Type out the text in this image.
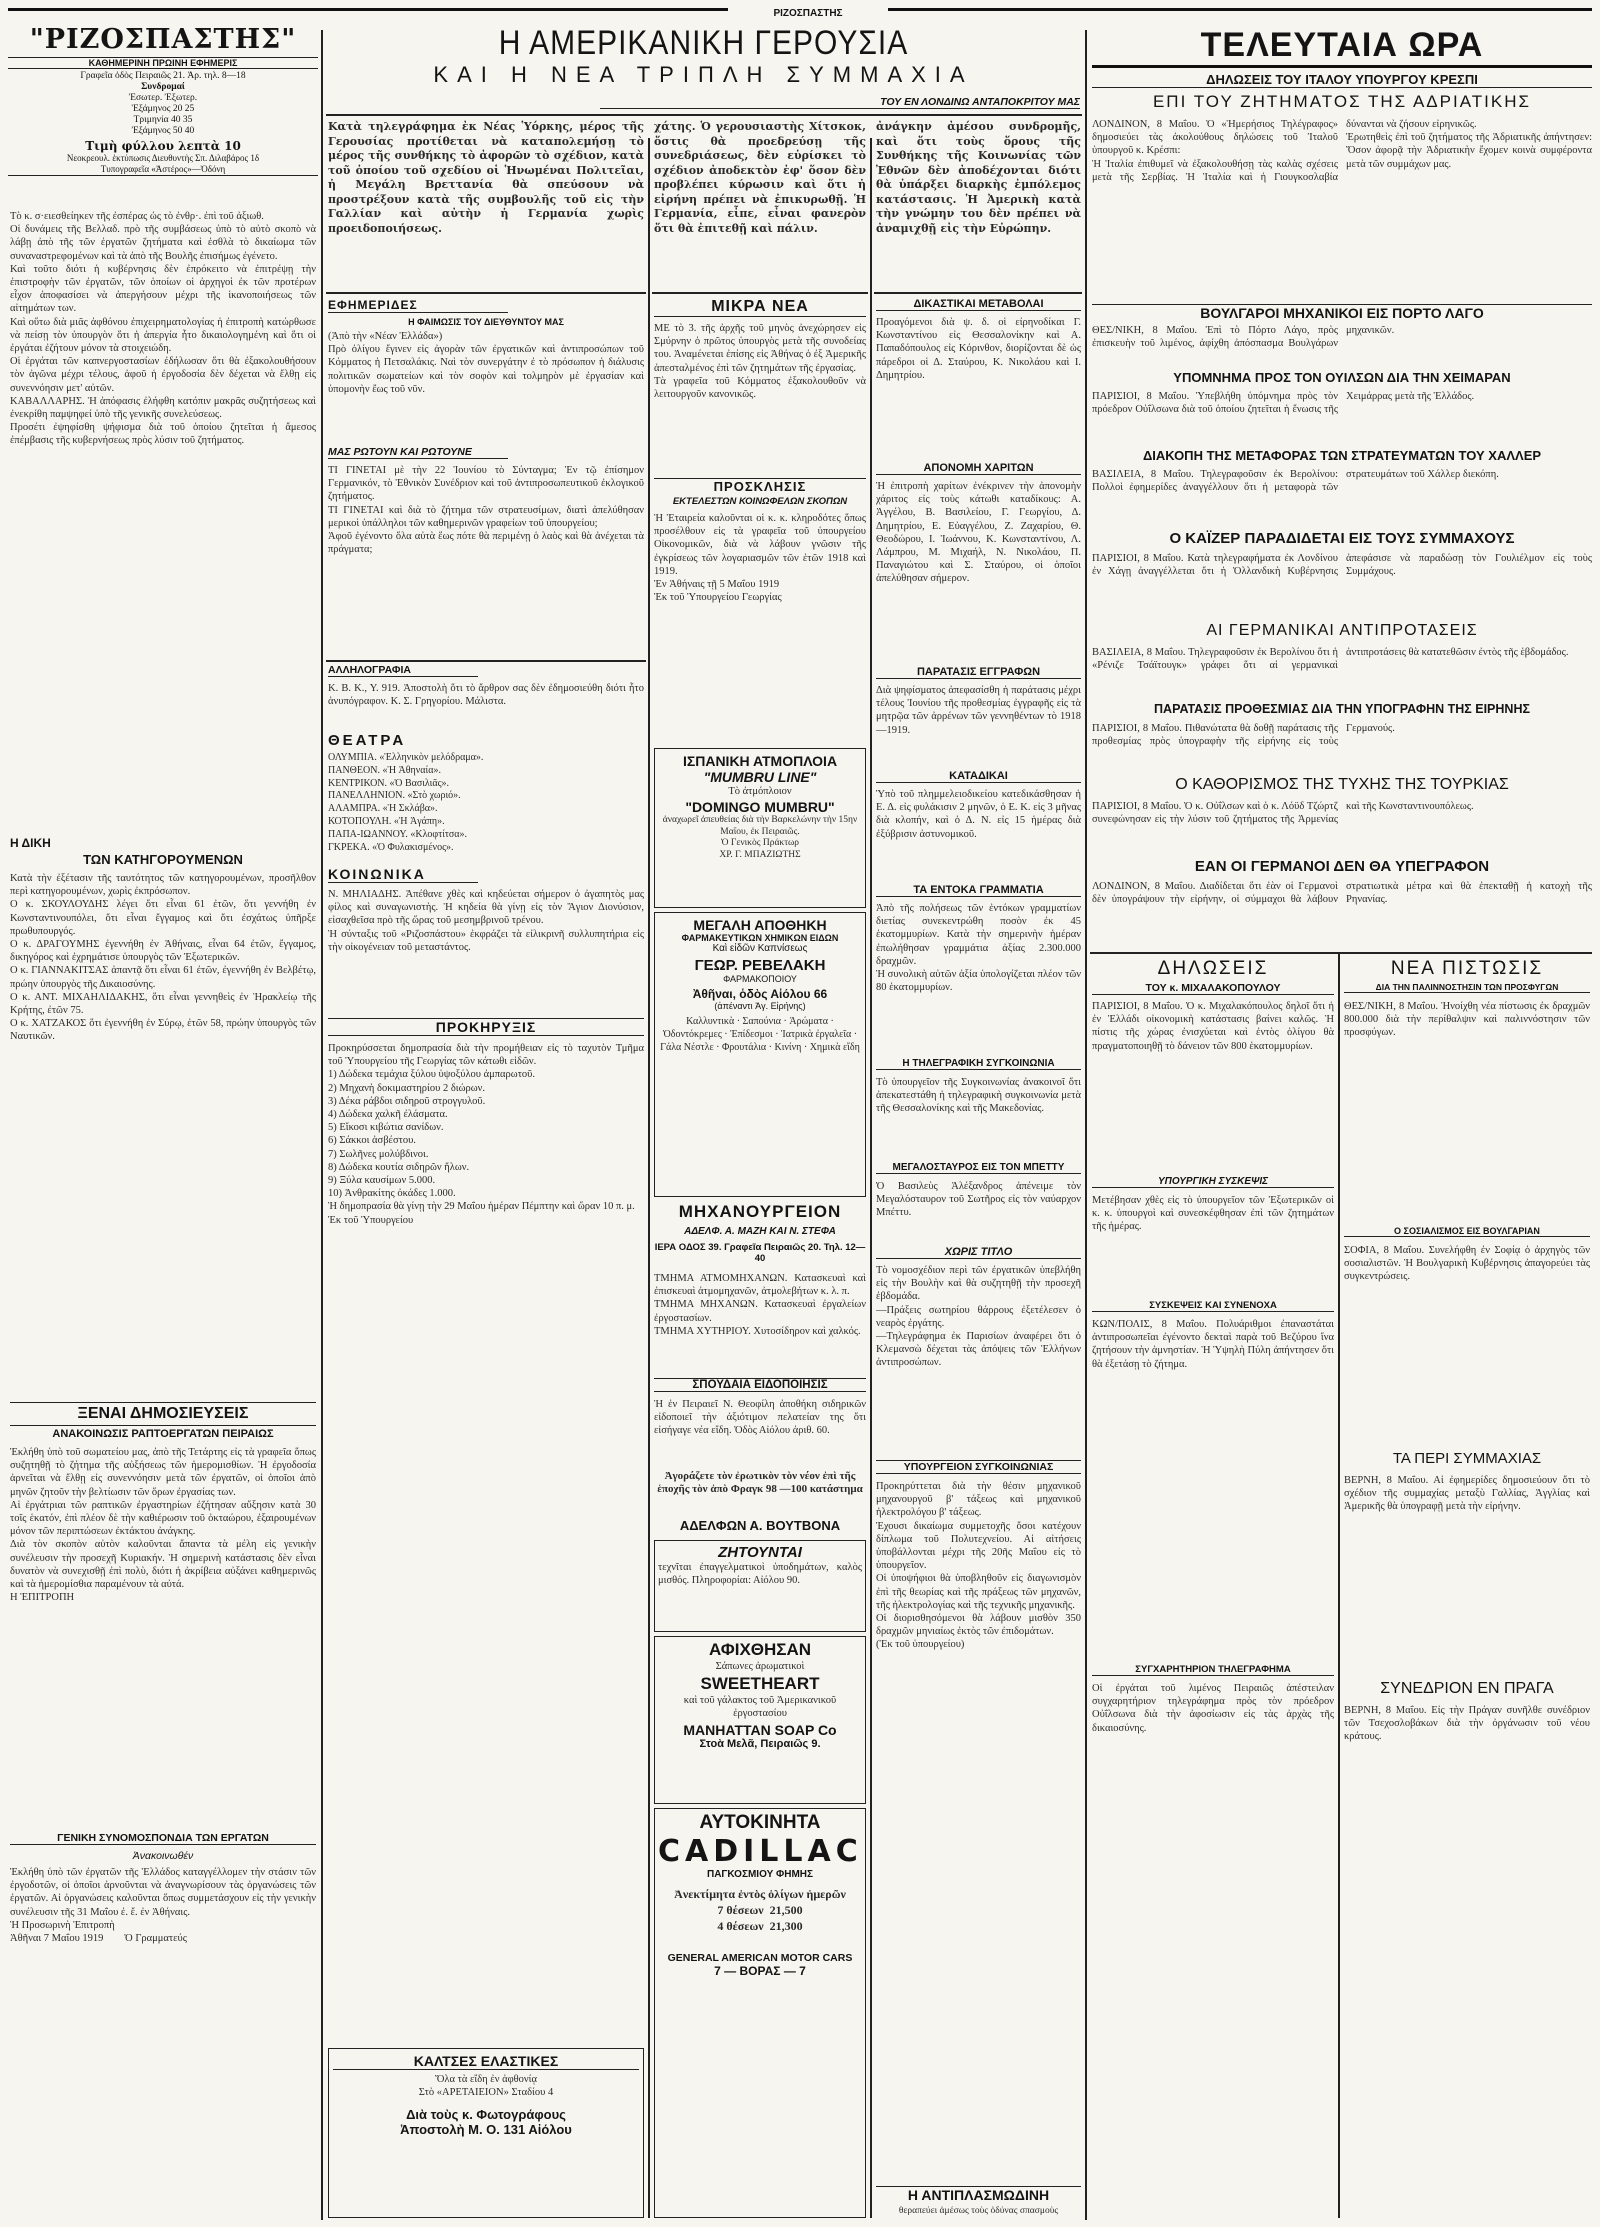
ΡΙΖΟΣΠΑΣΤΗΣ
"ΡΙΖΟΣΠΑΣΤΗΣ"
ΚΑΘΗΜΕΡΙΝΗ ΠΡΩΙΝΗ ΕΦΗΜΕΡΙΣ
Γραφεῖα ὁδὸς Πειραιῶς 21. Ἀρ. τηλ. 8—18
Συνδρομαί
Ἐσωτερ. Ἐξωτερ.
Ἑξάμηνος 20 25
Τριμηνία 40 35
Ἐξάμηνος 50 40
Τιμὴ φύλλου λεπτὰ 10
Νεοκρεουλ. ἐκτύπωσις Διευθυντὴς Σπ. Διλαβάρος 1δ
Τυπογραφεῖα «Ἀστέρος»—Ὀδόνη
Τὸ κ. σ·ειεσθείηκεν τῆς ἐσπέρας ὡς τὸ ἐνθρ·. ἐπὶ τοῦ ἀξιωθ.
Οἱ δυνάμεις τῆς Βελλαδ. πρὸ τῆς συμβάσεως ὑπὸ τὸ αὐτὸ σκοπὸ νὰ λάβῃ ἀπὸ τῆς τῶν ἐργατῶν ζητήματα καὶ ἐσθλὰ τὸ δικαίωμα τῶν συναναστρεφομένων καὶ τὰ ἀπὸ τῆς Βουλῆς ἐπισήμως ἐγένετο.
Καὶ τοῦτο διότι ἡ κυβέρνησις δὲν ἐπρόκειτο νὰ ἐπιτρέψῃ τὴν ἐπιστροφὴν τῶν ἐργατῶν, τῶν ὁποίων οἱ ἀρχηγοὶ ἐκ τῶν προτέρων εἶχον ἀποφασίσει νὰ ἀπεργήσουν μέχρι τῆς ἱκανοποιήσεως τῶν αἰτημάτων των.
Καὶ οὕτω διὰ μιᾶς ἀφθόνου ἐπιχειρηματολογίας ἡ ἐπιτροπὴ κατώρθωσε νὰ πείσῃ τὸν ὑπουργὸν ὅτι ἡ ἀπεργία ἦτο δικαιολογημένη καὶ ὅτι οἱ ἐργάται ἐζήτουν μόνον τὰ στοιχειώδη.
Οἱ ἐργάται τῶν καπνεργοστασίων ἐδήλωσαν ὅτι θὰ ἐξακολουθήσουν τὸν ἀγῶνα μέχρι τέλους, ἀφοῦ ἡ ἐργοδοσία δὲν δέχεται νὰ ἔλθῃ εἰς συνεννόησιν μετ' αὐτῶν.
ΚΑΒΑΛΛΑΡΗΣ. Ἡ ἀπόφασις ἐλήφθη κατόπιν μακρᾶς συζητήσεως καὶ ἐνεκρίθη παμψηφεί ὑπὸ τῆς γενικῆς συνελεύσεως.
Προσέτι ἐψηφίσθη ψήφισμα διὰ τοῦ ὁποίου ζητεῖται ἡ ἄμεσος ἐπέμβασις τῆς κυβερνήσεως πρὸς λύσιν τοῦ ζητήματος.
Η ΔΙΚΗ
ΤΩΝ ΚΑΤΗΓΟΡΟΥΜΕΝΩΝ
Κατὰ τὴν ἐξέτασιν τῆς ταυτότητος τῶν κατηγορουμένων, προσῆλθον περὶ κατηγορουμένων, χωρὶς ἐκπρόσωπον.
Ο κ. ΣΚΟΥΛΟΥΔΗΣ λέγει ὅτι εἶναι 61 ἐτῶν, ὅτι γεννήθη ἐν Κωνσταντινουπόλει, ὅτι εἶναι ἔγγαμος καὶ ὅτι ἐσχάτως ὑπῆρξε πρωθυπουργός.
Ο κ. ΔΡΑΓΟΥΜΗΣ ἐγεννήθη ἐν Ἀθήναις, εἶναι 64 ἐτῶν, ἔγγαμος, δικηγόρος καὶ ἐχρημάτισε ὑπουργὸς τῶν Ἐξωτερικῶν.
Ο κ. ΓΙΑΝΝΑΚΙΤΣΑΣ ἀπαντᾷ ὅτι εἶναι 61 ἐτῶν, ἐγεννήθη ἐν Βελβέτῳ, πρώην ὑπουργὸς τῆς Δικαιοσύνης.
Ο κ. ΑΝΤ. ΜΙΧΑΗΛΙΔΑΚΗΣ, ὅτι εἶναι γεννηθεὶς ἐν Ἡρακλείῳ τῆς Κρήτης, ἐτῶν 75.
Ο κ. ΧΑΤΖΑΚΟΣ ὅτι ἐγεννήθη ἐν Σύρῳ, ἐτῶν 58, πρώην ὑπουργὸς τῶν Ναυτικῶν.
ΞΕΝΑΙ ΔΗΜΟΣΙΕΥΣΕΙΣ
ΑΝΑΚΟΙΝΩΣΙΣ ΡΑΠΤΟΕΡΓΑΤΩΝ ΠΕΙΡΑΙΩΣ
Ἐκλήθη ὑπὸ τοῦ σωματείου μας, ἀπὸ τῆς Τετάρτης εἰς τὰ γραφεῖα ὅπως συζητηθῇ τὸ ζήτημα τῆς αὐξήσεως τῶν ἡμερομισθίων. Ἡ ἐργοδοσία ἀρνεῖται νὰ ἔλθῃ εἰς συνεννόησιν μετὰ τῶν ἐργατῶν, οἱ ὁποῖοι ἀπὸ μηνῶν ζητοῦν τὴν βελτίωσιν τῶν ὅρων ἐργασίας των.
Αἱ ἐργάτριαι τῶν ραπτικῶν ἐργαστηρίων ἐζήτησαν αὔξησιν κατὰ 30 τοῖς ἑκατόν, ἐπὶ πλέον δὲ τὴν καθιέρωσιν τοῦ ὀκταώρου, ἐξαιρουμένων μόνον τῶν περιπτώσεων ἐκτάκτου ἀνάγκης.
Διὰ τὸν σκοπὸν αὐτὸν καλοῦνται ἅπαντα τὰ μέλη εἰς γενικὴν συνέλευσιν τὴν προσεχῆ Κυριακήν. Ἡ σημερινὴ κατάστασις δὲν εἶναι δυνατὸν νὰ συνεχισθῇ ἐπὶ πολὺ, διότι ἡ ἀκρίβεια αὐξάνει καθημερινῶς καὶ τὰ ἡμερομίσθια παραμένουν τὰ αὐτά.
Η ἘΠΙΤΡΟΠΗ
ΓΕΝΙΚΗ ΣΥΝΟΜΟΣΠΟΝΔΙΑ ΤΩΝ ΕΡΓΑΤΩΝ
Ἀνακοινωθέν
Ἐκλήθη ὑπὸ τῶν ἐργατῶν τῆς Ἑλλάδος καταγγέλλομεν τὴν στάσιν τῶν ἐργοδοτῶν, οἱ ὁποῖοι ἀρνοῦνται νὰ ἀναγνωρίσουν τὰς ὀργανώσεις τῶν ἐργατῶν. Αἱ ὀργανώσεις καλοῦνται ὅπως συμμετάσχουν εἰς τὴν γενικὴν συνέλευσιν τῆς 31 Μαΐου ἐ. ἔ. ἐν Ἀθήναις.
Ἡ Προσωρινὴ Ἐπιτροπὴ
Ἀθῆναι 7 Μαΐου 1919        Ὁ Γραμματεύς
Η ΑΜΕΡΙΚΑΝΙΚΗ ΓΕΡΟΥΣΙΑ
ΚΑΙ Η ΝΕΑ ΤΡΙΠΛΗ ΣΥΜΜΑΧΙΑ
ΤΟΥ ΕΝ ΛΟΝΔΙΝΩ ΑΝΤΑΠΟΚΡΙΤΟΥ ΜΑΣ
Κατὰ τηλεγράφημα ἐκ Νέας Ὑόρκης, μέρος τῆς Γερουσίας προτίθεται νὰ καταπολεμήσῃ τὸ μέρος τῆς συνθήκης τὸ ἀφορῶν τὸ σχέδιον, κατὰ τοῦ ὁποίου τοῦ σχεδίου οἱ Ἡνωμέναι Πολιτεῖαι, ἡ Μεγάλη Βρεττανία θὰ σπεύσουν νὰ προστρέξουν κατὰ τῆς συμβουλῆς τοῦ εἰς τὴν Γαλλίαν καὶ αὐτὴν ἡ Γερμανία χωρὶς προειδοποιήσεως.
ΕΦΗΜΕΡΙΔΕΣ
Η ΦΑΙΜΩΣΙΣ ΤΟΥ ΔΙΕΥΘΥΝΤΟΥ ΜΑΣ
(Ἀπὸ τὴν «Νέαν Ἑλλάδα»)
Πρὸ ὀλίγου ἔγινεν εἰς ἀγορὰν τῶν ἐργατικῶν καὶ ἀντιπροσώπων τοῦ Κόμματος ἡ Πετσαλάκις. Ναὶ τὸν συνεργάτην ἐ τὸ πρόσωπον ἡ διάλυσις πολιτικῶν σωματείων καὶ τὸν σοφὸν καὶ τολμηρὸν μὲ ἐργασίαν καὶ ὑπομονὴν ἔως τοῦ νῦν.
ΜΑΣ ΡΩΤΟΥΝ ΚΑΙ ΡΩΤΟΥΝΕ
ΤΙ ΓΙΝΕΤΑΙ μὲ τὴν 22 Ἰουνίου τὸ Σύνταγμα; Ἐν τῷ ἐπίσημον Γερμανικόν, τὸ Ἐθνικὸν Συνέδριον καὶ τοῦ ἀντιπροσωπευτικοῦ ἐκλογικοῦ ζητήματος.
ΤΙ ΓΙΝΕΤΑΙ καὶ διὰ τὸ ζήτημα τῶν στρατευσίμων, διατὶ ἀπελύθησαν μερικοὶ ὑπάλληλοι τῶν καθημερινῶν γραφείων τοῦ ὑπουργείου;
Ἀφοῦ ἐγένοντο ὅλα αὐτὰ ἕως πότε θὰ περιμένῃ ὁ λαὸς καὶ θὰ ἀνέχεται τὰ πράγματα;
ΑΛΛΗΛΟΓΡΑΦΙΑ
Κ. Β. Κ., Υ. 919. Ἀποστολὴ ὅτι τὸ ἄρθρον σας δὲν ἐδημοσιεύθη διότι ἦτο ἀνυπόγραφον. Κ. Σ. Γρηγορίου. Μάλιστα.
ΘΕΑΤΡΑ
ΟΛΥΜΠΙΑ. «Ἑλληνικὸν μελόδραμα».
ΠΑΝΘΕΟΝ. «Ἡ Ἀθηναία».
ΚΕΝΤΡΙΚΟΝ. «Ὁ Βασιλιᾶς».
ΠΑΝΕΛΛΗΝΙΟΝ. «Στὸ χωριό».
ΑΛΑΜΠΡΑ. «Ἡ Σκλάβα».
ΚΟΤΟΠΟΥΛΗ. «Ἡ Ἀγάπη».
ΠΑΠΑ-ΙΩΑΝΝΟΥ. «Κλοφτίτσα».
ΓΚΡΕΚΑ. «Ὁ Φυλακισμένος».
ΚΟΙΝΩΝΙΚΑ
Ν. ΜΗΛΙΑΔΗΣ. Ἀπέθανε χθὲς καὶ κηδεύεται σήμερον ὁ ἀγαπητὸς μας φίλος καὶ συναγωνιστὴς. Ἡ κηδεία θὰ γίνῃ εἰς τὸν Ἅγιον Διονύσιον, εἰσαχθεῖσα πρὸ τῆς ὥρας τοῦ μεσημβρινοῦ τρένου.
Ἡ σύνταξις τοῦ «Ριζοσπάστου» ἐκφράζει τὰ εἰλικρινῆ συλλυπητήρια εἰς τὴν οἰκογένειαν τοῦ μεταστάντος.
ΠΡΟΚΗΡΥΞΙΣ
Προκηρύσσεται δημοπρασία διὰ τὴν προμήθειαν εἰς τὸ ταχυτὸν Τμῆμα τοῦ Ὑπουργείου τῆς Γεωργίας τῶν κάτωθι εἰδῶν.
1) Δώδεκα τεμάχια ξύλου ὑψοξύλου ἀμπαρωτοῦ.
2) Μηχανὴ δοκιμαστηρίου 2 διώρων.
3) Δέκα ράβδοι σιδηροῦ στρογγυλοῦ.
4) Δώδεκα χαλκῆ ἐλάσματα.
5) Εἴκοσι κιβώτια σανίδων.
6) Σάκκοι ἀσβέστου.
7) Σωλῆνες μολύβδινοι.
8) Δώδεκα κουτία σιδηρῶν ἥλων.
9) Ξύλα καυσίμων 5.000.
10) Ἀνθρακίτης ὀκάδες 1.000.
Ἡ δημοπρασία θὰ γίνῃ τὴν 29 Μαΐου ἡμέραν Πέμπτην καὶ ὥραν 10 π. μ.
Ἐκ τοῦ Ὑπουργείου
ΚΑΛΤΣΕΣ ΕΛΑΣΤΙΚΕΣ
Ὅλα τὰ εἴδη ἐν ἀφθονίᾳ
Στὸ «ΑΡΕΤΑΙΕΙΟΝ» Σταδίου 4
Διὰ τοὺς κ. Φωτογράφους
Ἀποστολὴ Μ. Ο. 131 Αἰόλου
χάτης. Ὁ γερουσιαστὴς Χίτσκοκ, ὅστις θὰ προεδρεύσῃ τῆς συνεδριάσεως, δὲν εὑρίσκει τὸ σχέδιον ἀποδεκτὸν ἐφ' ὅσον δὲν προβλέπει κύρωσιν καὶ ὅτι ἡ εἰρήνη πρέπει νὰ ἐπικυρωθῇ. Ἡ Γερμανία, εἶπε, εἶναι φανερὸν ὅτι θὰ ἐπιτεθῇ καὶ πάλιν.
ΜΙΚΡΑ ΝΕΑ
ΜΕ τὸ 3. τῆς ἀρχῆς τοῦ μηνὸς ἀνεχώρησεν εἰς Σμύρνην ὁ πρῶτος ὑπουργὸς μετὰ τῆς συνοδείας του. Ἀναμένεται ἐπίσης εἰς Ἀθήνας ὁ ἐξ Ἀμερικῆς ἀπεσταλμένος ἐπὶ τῶν ζητημάτων τῆς ἐργασίας.
Τὰ γραφεῖα τοῦ Κόμματος ἐξακολουθοῦν νὰ λειτουργοῦν κανονικῶς.
ΠΡΟΣΚΛΗΣΙΣ
ΕΚΤΕΛΕΣΤΩΝ ΚΟΙΝΩΦΕΛΩΝ ΣΚΟΠΩΝ
Ἡ Ἑταιρεία καλοῦνται οἱ κ. κ. κληροδότες ὅπως προσέλθουν εἰς τὰ γραφεῖα τοῦ ὑπουργείου Οἰκονομικῶν, διὰ νὰ λάβουν γνῶσιν τῆς ἐγκρίσεως τῶν λογαριασμῶν τῶν ἐτῶν 1918 καὶ 1919.
Ἐν Ἀθήναις τῇ 5 Μαΐου 1919
Ἐκ τοῦ Ὑπουργείου Γεωργίας
ΙΣΠΑΝΙΚΗ ΑΤΜΟΠΛΟΙΑ
"MUMBRU LINE"
Τὸ ἀτμόπλοιον
"DOMINGO MUMBRU"
ἀναχωρεῖ ἀπευθείας διὰ τὴν Βαρκελώνην τὴν 15ην Μαΐου, ἐκ Πειραιῶς.
Ὁ Γενικὸς Πράκτωρ
ΧΡ. Γ. ΜΠΑΖΙΩΤΗΣ
ΜΕΓΑΛΗ ΑΠΟΘΗΚΗ
ΦΑΡΜΑΚΕΥΤΙΚΩΝ ΧΗΜΙΚΩΝ ΕΙΔΩΝ
Καὶ εἰδῶν Καπνίσεως
ΓΕΩΡ. ΡΕΒΕΛΑΚΗ
ΦΑΡΜΑΚΟΠΟΙΟΥ
Ἀθῆναι, ὁδὸς Αἰόλου 66
(ἀπέναντι Ἁγ. Εἰρήνης)
Καλλυντικὰ · Σαπούνια · Ἀρώματα · Ὀδοντόκρεμες · Ἐπίδεσμοι · Ἰατρικὰ ἐργαλεῖα · Γάλα Νέστλε · Φρουτάλια · Κινίνη · Χημικὰ εἴδη
ΜΗΧΑΝΟΥΡΓΕΙΟΝ
ΑΔΕΛΦ. Α. ΜΑΖΗ ΚΑΙ Ν. ΣΤΕΦΑ
ΙΕΡΑ ΟΔΟΣ 39. Γραφεῖα Πειραιῶς 20. Τηλ. 12—40
ΤΜΗΜΑ ΑΤΜΟΜΗΧΑΝΩΝ. Κατασκευαὶ καὶ ἐπισκευαὶ ἀτμομηχανῶν, ἀτμολεβήτων κ. λ. π.
ΤΜΗΜΑ ΜΗΧΑΝΩΝ. Κατασκευαὶ ἐργαλείων ἐργοστασίων.
ΤΜΗΜΑ ΧΥΤΗΡΙΟΥ. Χυτοσίδηρον καὶ χαλκός.
ΣΠΟΥΔΑΙΑ ΕΙΔΟΠΟΙΗΣΙΣ
Ἡ ἐν Πειραιεῖ Ν. Θεοφίλη ἀποθήκη σιδηρικῶν εἰδοποιεῖ τὴν ἀξιότιμον πελατείαν της ὅτι εἰσήγαγε νέα εἴδη. Ὁδὸς Αἰόλου ἀριθ. 60.
Ἀγοράζετε τὸν ἐρωτικὸν τὸν νέον ἐπὶ τῆς ἑποχῆς τὸν ἀπὸ Φραγκ 98 —100 κατάστημα
ΑΔΕΛΦΩΝ Α. ΒΟΥΤΒΟΝΑ
ΖΗΤΟΥΝΤΑΙ
τεχνῖται ἐπαγγελματικοὶ ὑποδημάτων, καλὸς μισθός. Πληροφορίαι: Αἰόλου 90.
ΑΦΙΧΘΗΣΑΝ
Σάπωνες ἀρωματικοὶ
SWEETHEART
καὶ τοῦ γάλακτος τοῦ Ἀμερικανικοῦ ἐργοστασίου
MANHATTAN SOAP Co
Στοὰ Μελᾶ, Πειραιῶς 9.
ΑΥΤΟΚΙΝΗΤΑ
CADILLAC
ΠΑΓΚΟΣΜΙΟΥ ΦΗΜΗΣ
Ἀνεκτίμητα ἐντὸς ὀλίγων ἡμερῶν
7 θέσεων  21,500
4 θέσεων  21,300
GENERAL AMERICAN MOTOR CARS
7 — ΒΟΡΑΣ — 7
ἀνάγκην ἀμέσου συνδρομῆς, καὶ ὅτι τοὺς ὅρους τῆς Συνθήκης τῆς Κοινωνίας τῶν Ἐθνῶν δὲν ἀποδέχονται διότι θὰ ὑπάρξει διαρκὴς ἐμπόλεμος κατάστασις. Ἡ Ἀμερικὴ κατὰ τὴν γνώμην του δὲν πρέπει νὰ ἀναμιχθῇ εἰς τὴν Εὐρώπην.
ΔΙΚΑΣΤΙΚΑΙ ΜΕΤΑΒΟΛΑΙ
Προαγόμενοι διὰ ψ. δ. οἱ εἰρηνοδίκαι Γ. Κωνσταντίνου εἰς Θεσσαλονίκην καὶ Α. Παπαδόπουλος εἰς Κόρινθον, διορίζονται δὲ ὡς πάρεδροι οἱ Δ. Σταύρου, Κ. Νικολάου καὶ Ι. Δημητρίου.
ΑΠΟΝΟΜΗ ΧΑΡΙΤΩΝ
Ἡ ἐπιτροπὴ χαρίτων ἐνέκρινεν τὴν ἀπονομὴν χάριτος εἰς τοὺς κάτωθι καταδίκους: Α. Ἀγγέλου, Β. Βασιλείου, Γ. Γεωργίου, Δ. Δημητρίου, Ε. Εὐαγγέλου, Ζ. Ζαχαρίου, Θ. Θεοδώρου, Ι. Ἰωάννου, Κ. Κωνσταντίνου, Λ. Λάμπρου, Μ. Μιχαήλ, Ν. Νικολάου, Π. Παναγιώτου καὶ Σ. Σταύρου, οἱ ὁποῖοι ἀπελύθησαν σήμερον.
ΠΑΡΑΤΑΣΙΣ ΕΓΓΡΑΦΩΝ
Διὰ ψηφίσματος ἀπεφασίσθη ἡ παράτασις μέχρι τέλους Ἰουνίου τῆς προθεσμίας ἐγγραφῆς εἰς τὰ μητρῷα τῶν ἀρρένων τῶν γεννηθέντων τὸ 1918—1919.
ΚΑΤΑΔΙΚΑΙ
Ὑπὸ τοῦ πλημμελειοδικείου κατεδικάσθησαν ἡ Ε. Δ. εἰς φυλάκισιν 2 μηνῶν, ὁ Ε. Κ. εἰς 3 μῆνας διὰ κλοπήν, καὶ ὁ Δ. Ν. εἰς 15 ἡμέρας διὰ ἐξύβρισιν ἀστυνομικοῦ.
ΤΑ ΕΝΤΟΚΑ ΓΡΑΜΜΑΤΙΑ
Ἀπὸ τῆς πολήσεως τῶν ἐντόκων γραμματίων διετίας συνεκεντρώθη ποσὸν ἐκ 45 ἑκατομμυρίων. Κατὰ τὴν σημερινὴν ἡμέραν ἐπωλήθησαν γραμμάτια ἀξίας 2.300.000 δραχμῶν.
Ἡ συνολικὴ αὐτῶν ἀξία ὑπολογίζεται πλέον τῶν 80 ἑκατομμυρίων.
Η ΤΗΛΕΓΡΑΦΙΚΗ ΣΥΓΚΟΙΝΩΝΙΑ
Τὸ ὑπουργεῖον τῆς Συγκοινωνίας ἀνακοινοῖ ὅτι ἀπεκατεστάθη ἡ τηλεγραφικὴ συγκοινωνία μετὰ τῆς Θεσσαλονίκης καὶ τῆς Μακεδονίας.
ΜΕΓΑΛΟΣΤΑΥΡΟΣ ΕΙΣ ΤΟΝ ΜΠΕΤΤΥ
Ὁ Βασιλεὺς Ἀλέξανδρος ἀπένειμε τὸν Μεγαλόσταυρον τοῦ Σωτῆρος εἰς τὸν ναύαρχον Μπέττυ.
ΧΩΡΙΣ ΤΙΤΛΟ
Τὸ νομοσχέδιον περὶ τῶν ἐργατικῶν ὑπεβλήθη εἰς τὴν Βουλὴν καὶ θὰ συζητηθῇ τὴν προσεχῆ ἑβδομάδα.
—Πράξεις σωτηρίου θάρρους ἐξετέλεσεν ὁ νεαρὸς ἐργάτης.
—Τηλεγράφημα ἐκ Παρισίων ἀναφέρει ὅτι ὁ Κλεμανσὼ δέχεται τὰς ἀπόψεις τῶν Ἑλλήνων ἀντιπροσώπων.
ΥΠΟΥΡΓΕΙΟΝ ΣΥΓΚΟΙΝΩΝΙΑΣ
Προκηρύττεται διὰ τὴν θέσιν μηχανικοῦ μηχανουργοῦ β' τάξεως καὶ μηχανικοῦ ἠλεκτρολόγου β' τάξεως.
Ἐχουσι δικαίωμα συμμετοχῆς ὅσοι κατέχουν δίπλωμα τοῦ Πολυτεχνείου. Αἱ αἰτήσεις ὑποβάλλονται μέχρι τῆς 20ῆς Μαΐου εἰς τὸ ὑπουργεῖον.
Οἱ ὑποψήφιοι θὰ ὑποβληθοῦν εἰς διαγωνισμὸν ἐπὶ τῆς θεωρίας καὶ τῆς πράξεως τῶν μηχανῶν, τῆς ἠλεκτρολογίας καὶ τῆς τεχνικῆς μηχανικῆς.
Οἱ διορισθησόμενοι θὰ λάβουν μισθὸν 350 δραχμῶν μηνιαίως ἐκτὸς τῶν ἐπιδομάτων.
(Ἐκ τοῦ ὑπουργείου)
Η ΑΝΤΙΠΛΑΣΜΩΔΙΝΗ
θεραπεύει ἀμέσως τοὺς ὀδύνας σπασμοὺς
ΤΕΛΕΥΤΑΙΑ ΩΡΑ
ΔΗΛΩΣΕΙΣ ΤΟΥ ΙΤΑΛΟΥ ΥΠΟΥΡΓΟΥ ΚΡΕΣΠΙ
ΕΠΙ ΤΟΥ ΖΗΤΗΜΑΤΟΣ ΤΗΣ ΑΔΡΙΑΤΙΚΗΣ
ΛΟΝΔΙΝΟΝ, 8 Μαΐου. Ὁ «Ἡμερήσιος Τηλέγραφος» δημοσιεύει τὰς ἀκολούθους δηλώσεις τοῦ Ἰταλοῦ ὑπουργοῦ κ. Κρέσπι:
Ἡ Ἰταλία ἐπιθυμεῖ νὰ ἐξακολουθήσῃ τὰς καλὰς σχέσεις μετὰ τῆς Σερβίας. Ἡ Ἰταλία καὶ ἡ Γιουγκοσλαβία δύνανται νὰ ζήσουν εἰρηνικῶς.
Ἐρωτηθεὶς ἐπὶ τοῦ ζητήματος τῆς Ἀδριατικῆς ἀπήντησεν: Ὅσον ἀφορᾷ τὴν Ἀδριατικὴν ἔχομεν κοινὰ συμφέροντα μετὰ τῶν συμμάχων μας.
ΒΟΥΛΓΑΡΟΙ ΜΗΧΑΝΙΚΟΙ ΕΙΣ ΠΟΡΤΟ ΛΑΓΟ
ΘΕΣ/ΝΙΚΗ, 8 Μαΐου. Ἐπὶ τὸ Πόρτο Λάγο, πρὸς ἐπισκευὴν τοῦ λιμένος, ἀφίχθη ἀπόσπασμα Βουλγάρων μηχανικῶν.
ΥΠΟΜΝΗΜΑ ΠΡΟΣ ΤΟΝ ΟΥΙΛΣΩΝ ΔΙΑ ΤΗΝ ΧΕΙΜΑΡΑΝ
ΠΑΡΙΣΙΟΙ, 8 Μαΐου. Ὑπεβλήθη ὑπόμνημα πρὸς τὸν πρόεδρον Οὐΐλσωνα διὰ τοῦ ὁποίου ζητεῖται ἡ ἕνωσις τῆς Χειμάρρας μετὰ τῆς Ἑλλάδος.
ΔΙΑΚΟΠΗ ΤΗΣ ΜΕΤΑΦΟΡΑΣ ΤΩΝ ΣΤΡΑΤΕΥΜΑΤΩΝ ΤΟΥ ΧΑΛΛΕΡ
ΒΑΣΙΛΕΙΑ, 8 Μαΐου. Τηλεγραφοῦσιν ἐκ Βερολίνου: Πολλοὶ ἐφημερίδες ἀναγγέλλουν ὅτι ἡ μεταφορὰ τῶν στρατευμάτων τοῦ Χάλλερ διεκόπη.
Ο ΚΑΪΖΕΡ ΠΑΡΑΔΙΔΕΤΑΙ ΕΙΣ ΤΟΥΣ ΣΥΜΜΑΧΟΥΣ
ΠΑΡΙΣΙΟΙ, 8 Μαΐου. Κατὰ τηλεγραφήματα ἐκ Λονδίνου ἐν Χάγῃ ἀναγγέλλεται ὅτι ἡ Ὁλλανδικὴ Κυβέρνησις ἀπεφάσισε νὰ παραδώσῃ τὸν Γουλιέλμον εἰς τοὺς Συμμάχους.
ΑΙ ΓΕΡΜΑΝΙΚΑΙ ΑΝΤΙΠΡΟΤΑΣΕΙΣ
ΒΑΣΙΛΕΙΑ, 8 Μαΐου. Τηλεγραφοῦσιν ἐκ Βερολίνου ὅτι ἡ «Ρένιζε Τσάϊτουγκ» γράφει ὅτι αἱ γερμανικαὶ ἀντιπροτάσεις θὰ κατατεθῶσιν ἐντὸς τῆς ἑβδομάδος.
ΠΑΡΑΤΑΣΙΣ ΠΡΟΘΕΣΜΙΑΣ ΔΙΑ ΤΗΝ ΥΠΟΓΡΑΦΗΝ ΤΗΣ ΕΙΡΗΝΗΣ
ΠΑΡΙΣΙΟΙ, 8 Μαΐου. Πιθανώτατα θὰ δοθῇ παράτασις τῆς προθεσμίας πρὸς ὑπογραφὴν τῆς εἰρήνης εἰς τοὺς Γερμανούς.
Ο ΚΑΘΟΡΙΣΜΟΣ ΤΗΣ ΤΥΧΗΣ ΤΗΣ ΤΟΥΡΚΙΑΣ
ΠΑΡΙΣΙΟΙ, 8 Μαΐου. Ὁ κ. Οὐΐλσων καὶ ὁ κ. Λόϋδ Τζώρτζ συνεφώνησαν εἰς τὴν λύσιν τοῦ ζητήματος τῆς Ἀρμενίας καὶ τῆς Κωνσταντινουπόλεως.
ΕΑΝ ΟΙ ΓΕΡΜΑΝΟΙ ΔΕΝ ΘΑ ΥΠΕΓΡΑΦΟΝ
ΛΟΝΔΙΝΟΝ, 8 Μαΐου. Διαδίδεται ὅτι ἐὰν οἱ Γερμανοὶ δὲν ὑπογράψουν τὴν εἰρήνην, οἱ σύμμαχοι θὰ λάβουν στρατιωτικὰ μέτρα καὶ θὰ ἐπεκταθῇ ἡ κατοχὴ τῆς Ρηνανίας.
ΔΗΛΩΣΕΙΣ
ΤΟΥ κ. ΜΙΧΑΛΑΚΟΠΟΥΛΟΥ
ΠΑΡΙΣΙΟΙ, 8 Μαΐου. Ὁ κ. Μιχαλακόπουλος δηλοῖ ὅτι ἡ ἐν Ἑλλάδι οἰκονομικὴ κατάστασις βαίνει καλῶς. Ἡ πίστις τῆς χώρας ἐνισχύεται καὶ ἐντὸς ὀλίγου θὰ πραγματοποιηθῇ τὸ δάνειον τῶν 800 ἑκατομμυρίων.
ΥΠΟΥΡΓΙΚΗ ΣΥΣΚΕΨΙΣ
Μετέβησαν χθὲς εἰς τὸ ὑπουργεῖον τῶν Ἐξωτερικῶν οἱ κ. κ. ὑπουργοὶ καὶ συνεσκέφθησαν ἐπὶ τῶν ζητημάτων τῆς ἡμέρας.
ΣΥΣΚΕΨΕΙΣ ΚΑΙ ΣΥΝΕΝΟΧΑ
ΚΩΝ/ΠΟΛΙΣ, 8 Μαΐου. Πολυάριθμοι ἐπαναστάται ἀντιπροσωπεῖαι ἐγένοντο δεκταὶ παρὰ τοῦ Βεζύρου ἵνα ζητήσουν τὴν ἀμνηστίαν. Ἡ Ὑψηλὴ Πύλη ἀπήντησεν ὅτι θὰ ἐξετάσῃ τὸ ζήτημα.
ΣΥΓΧΑΡΗΤΗΡΙΟΝ ΤΗΛΕΓΡΑΦΗΜΑ
Οἱ ἐργάται τοῦ λιμένος Πειραιῶς ἀπέστειλαν συγχαρητήριον τηλεγράφημα πρὸς τὸν πρόεδρον Οὐΐλσωνα διὰ τὴν ἀφοσίωσιν εἰς τὰς ἀρχὰς τῆς δικαιοσύνης.
ΝΕΑ ΠΙΣΤΩΣΙΣ
ΔΙΑ ΤΗΝ ΠΑΛΙΝΝΟΣΤΗΣΙΝ ΤΩΝ ΠΡΟΣΦΥΓΩΝ
ΘΕΣ/ΝΙΚΗ, 8 Μαΐου. Ἠνοίχθη νέα πίστωσις ἐκ δραχμῶν 800.000 διὰ τὴν περίθαλψιν καὶ παλιννόστησιν τῶν προσφύγων.
Ο ΣΟΣΙΑΛΙΣΜΟΣ ΕΙΣ ΒΟΥΛΓΑΡΙΑΝ
ΣΟΦΙΑ, 8 Μαΐου. Συνελήφθη ἐν Σοφίᾳ ὁ ἀρχηγὸς τῶν σοσιαλιστῶν. Ἡ Βουλγαρικὴ Κυβέρνησις ἀπαγορεύει τὰς συγκεντρώσεις.
ΤΑ ΠΕΡΙ ΣΥΜΜΑΧΙΑΣ
ΒΕΡΝΗ, 8 Μαΐου. Αἱ ἐφημερίδες δημοσιεύουν ὅτι τὸ σχέδιον τῆς συμμαχίας μεταξὺ Γαλλίας, Ἀγγλίας καὶ Ἀμερικῆς θὰ ὑπογραφῇ μετὰ τὴν εἰρήνην.
ΣΥΝΕΔΡΙΟΝ ΕΝ ΠΡΑΓΑ
ΒΕΡΝΗ, 8 Μαΐου. Εἰς τὴν Πράγαν συνῆλθε συνέδριον τῶν Τσεχοσλοβάκων διὰ τὴν ὀργάνωσιν τοῦ νέου κράτους.
